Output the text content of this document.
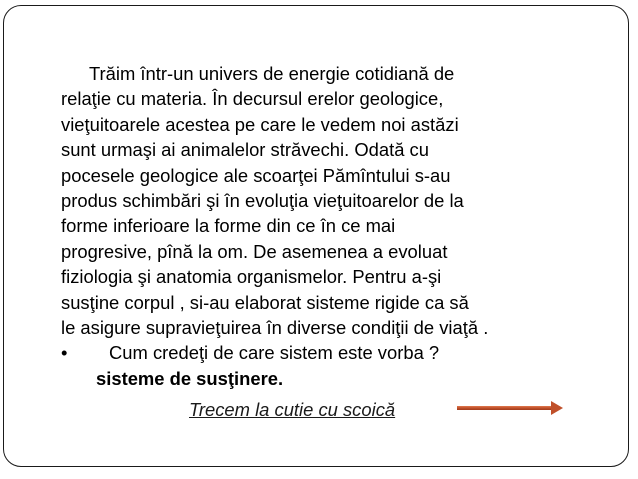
Trăim într-un univers de energie cotidiană de
relaţie cu materia. În decursul erelor geologice,
vieţuitoarele acestea pe care le vedem noi astăzi
sunt urmaşi ai animalelor străvechi. Odată cu
pocesele geologice ale scoarţei Pămîntului s-au
produs schimbări şi în evoluţia vieţuitoarelor de la
forme inferioare la forme din ce în ce mai
progresive, pînă la om. De asemenea a evoluat
fiziologia şi anatomia organismelor. Pentru a-şi
susţine corpul , si-au elaborat sisteme rigide ca să
le asigure supravieţuirea în diverse condiţii de viaţă .
• Cum credeţi de care sistem este vorba ?
sisteme de susţinere.
Trecem la cutie cu scoică
